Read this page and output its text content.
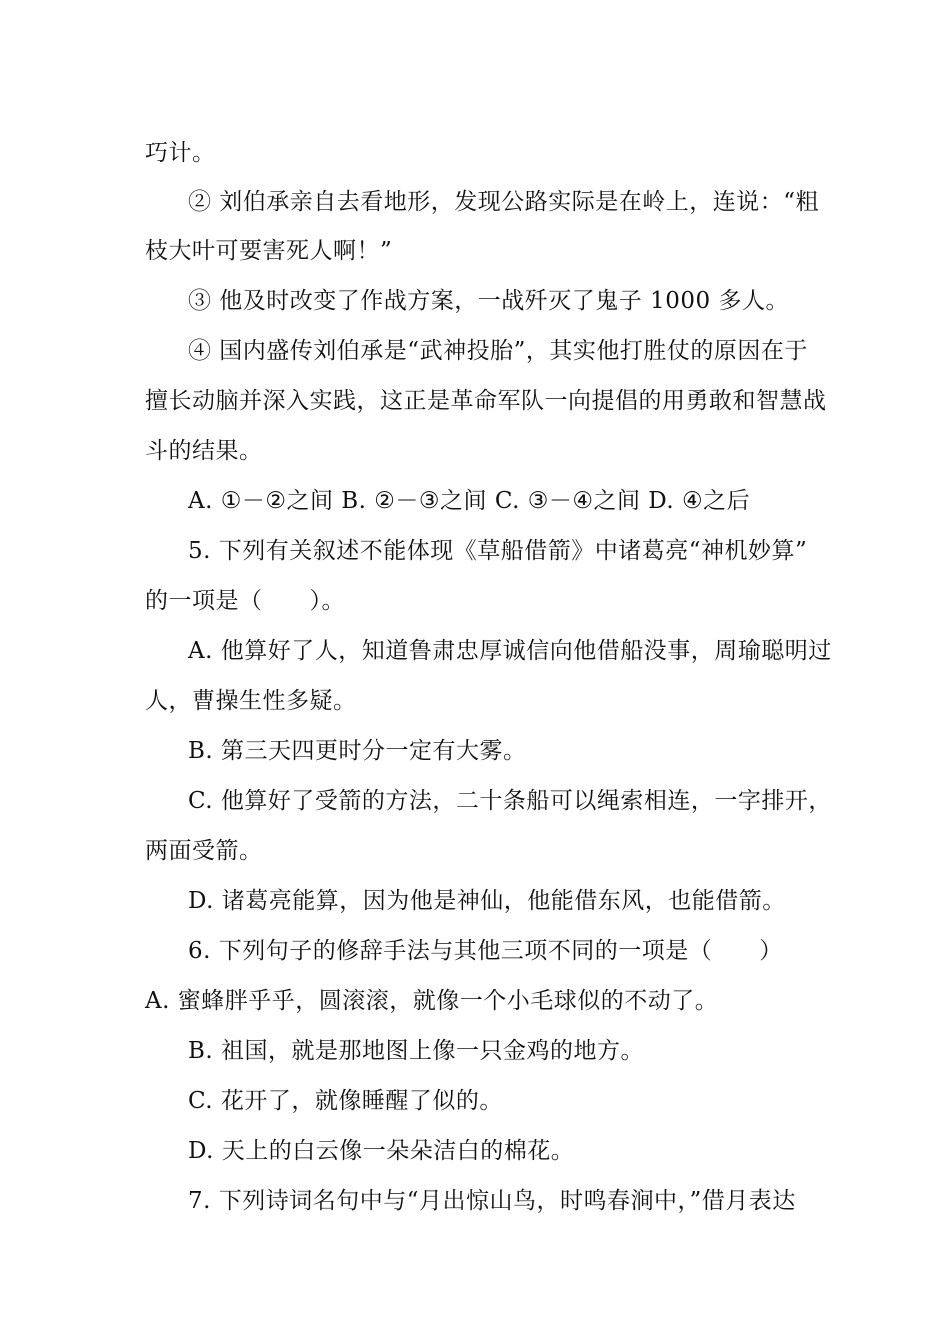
巧计。
② 刘伯承亲自去看地形，发现公路实际是在岭上，连说：“粗
枝大叶可要害死人啊！”
③ 他及时改变了作战方案，一战歼灭了鬼子 1000 多人。
④ 国内盛传刘伯承是“武神投胎”，其实他打胜仗的原因在于
擅长动脑并深入实践，这正是革命军队一向提倡的用勇敢和智慧战
斗的结果。
A. ①－②之间 B. ②－③之间 C. ③－④之间 D. ④之后
5. 下列有关叙述不能体现《草船借箭》中诸葛亮“神机妙算”
的一项是（　　）。
A. 他算好了人，知道鲁肃忠厚诚信向他借船没事，周瑜聪明过
人，曹操生性多疑。
B. 第三天四更时分一定有大雾。
C. 他算好了受箭的方法，二十条船可以绳索相连，一字排开，
两面受箭。
D. 诸葛亮能算，因为他是神仙，他能借东风，也能借箭。
6. 下列句子的修辞手法与其他三项不同的一项是（　　）
A. 蜜蜂胖乎乎，圆滚滚，就像一个小毛球似的不动了。
B. 祖国，就是那地图上像一只金鸡的地方。
C. 花开了，就像睡醒了似的。
D. 天上的白云像一朵朵洁白的棉花。
7. 下列诗词名句中与“月出惊山鸟，时鸣春涧中，”借月表达
